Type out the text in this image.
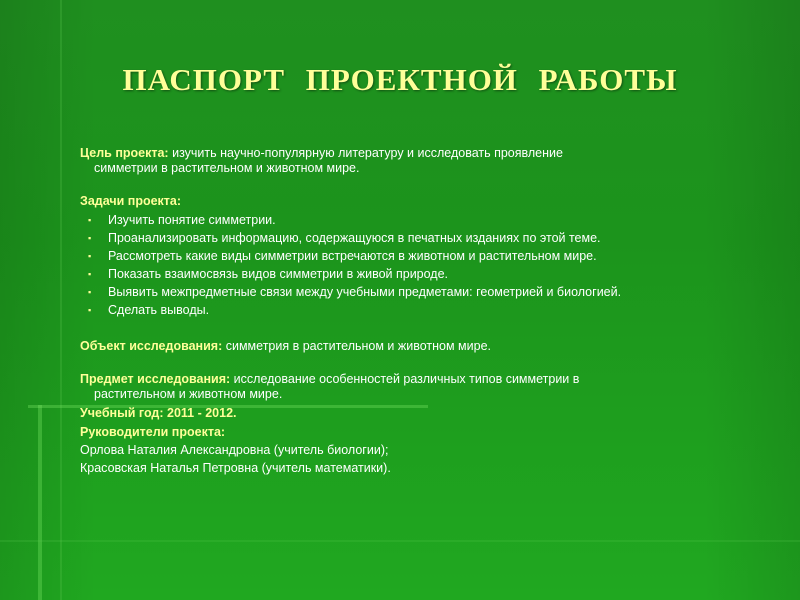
ПАСПОРТ ПРОЕКТНОЙ РАБОТЫ
Цель проекта: изучить научно-популярную литературу и исследовать проявление
симметрии в растительном и животном мире.
Задачи проекта:
▪ Изучить понятие симметрии.
▪ Проанализировать информацию, содержащуюся в печатных изданиях по этой теме.
▪ Рассмотреть какие виды симметрии встречаются в животном и растительном мире.
▪ Показать взаимосвязь видов симметрии в живой природе.
▪ Выявить межпредметные связи между учебными предметами: геометрией и биологией.
▪ Сделать выводы.
Объект исследования: симметрия в растительном и животном мире.
Предмет исследования: исследование особенностей различных типов симметрии в
растительном и животном мире.
Учебный год: 2011 - 2012.
Руководители проекта:
Орлова Наталия Александровна (учитель биологии);
Красовская Наталья Петровна (учитель математики).
